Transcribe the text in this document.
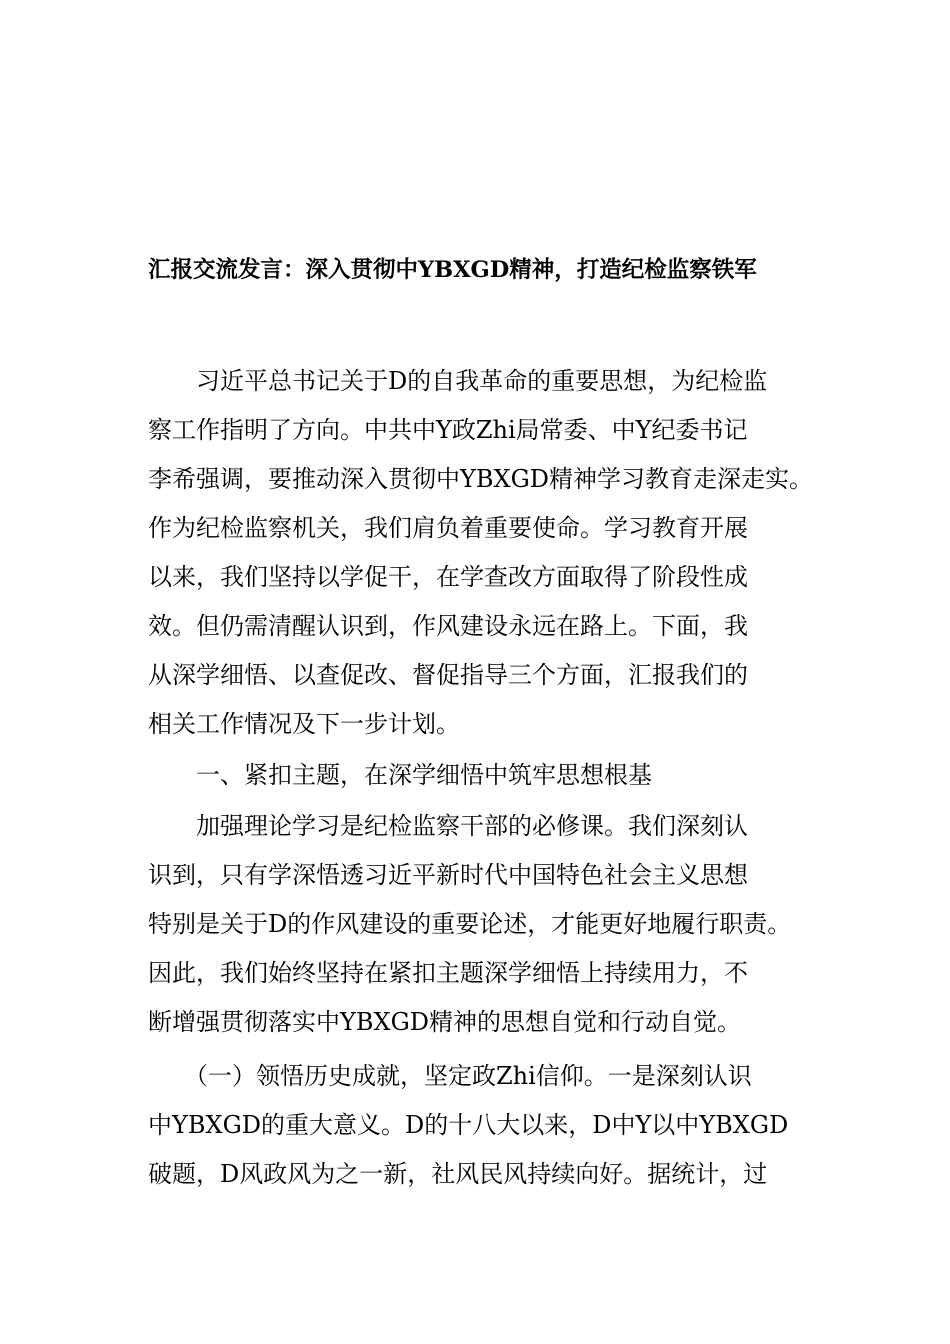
汇报交流发言：深入贯彻中YBXGD精神，打造纪检监察铁军
　　习近平总书记关于D的自我革命的重要思想，为纪检监
察工作指明了方向。中共中Y政Zhi局常委、中Y纪委书记
李希强调，要推动深入贯彻中YBXGD精神学习教育走深走实。
作为纪检监察机关，我们肩负着重要使命。学习教育开展
以来，我们坚持以学促干，在学查改方面取得了阶段性成
效。但仍需清醒认识到，作风建设永远在路上。下面，我
从深学细悟、以查促改、督促指导三个方面，汇报我们的
相关工作情况及下一步计划。
　　一、紧扣主题，在深学细悟中筑牢思想根基
　　加强理论学习是纪检监察干部的必修课。我们深刻认
识到，只有学深悟透习近平新时代中国特色社会主义思想
特别是关于D的作风建设的重要论述，才能更好地履行职责。
因此，我们始终坚持在紧扣主题深学细悟上持续用力，不
断增强贯彻落实中YBXGD精神的思想自觉和行动自觉。
　　（一）领悟历史成就，坚定政Zhi信仰。一是深刻认识
中YBXGD的重大意义。D的十八大以来，D中Y以中YBXGD
破题，D风政风为之一新，社风民风持续向好。据统计，过
